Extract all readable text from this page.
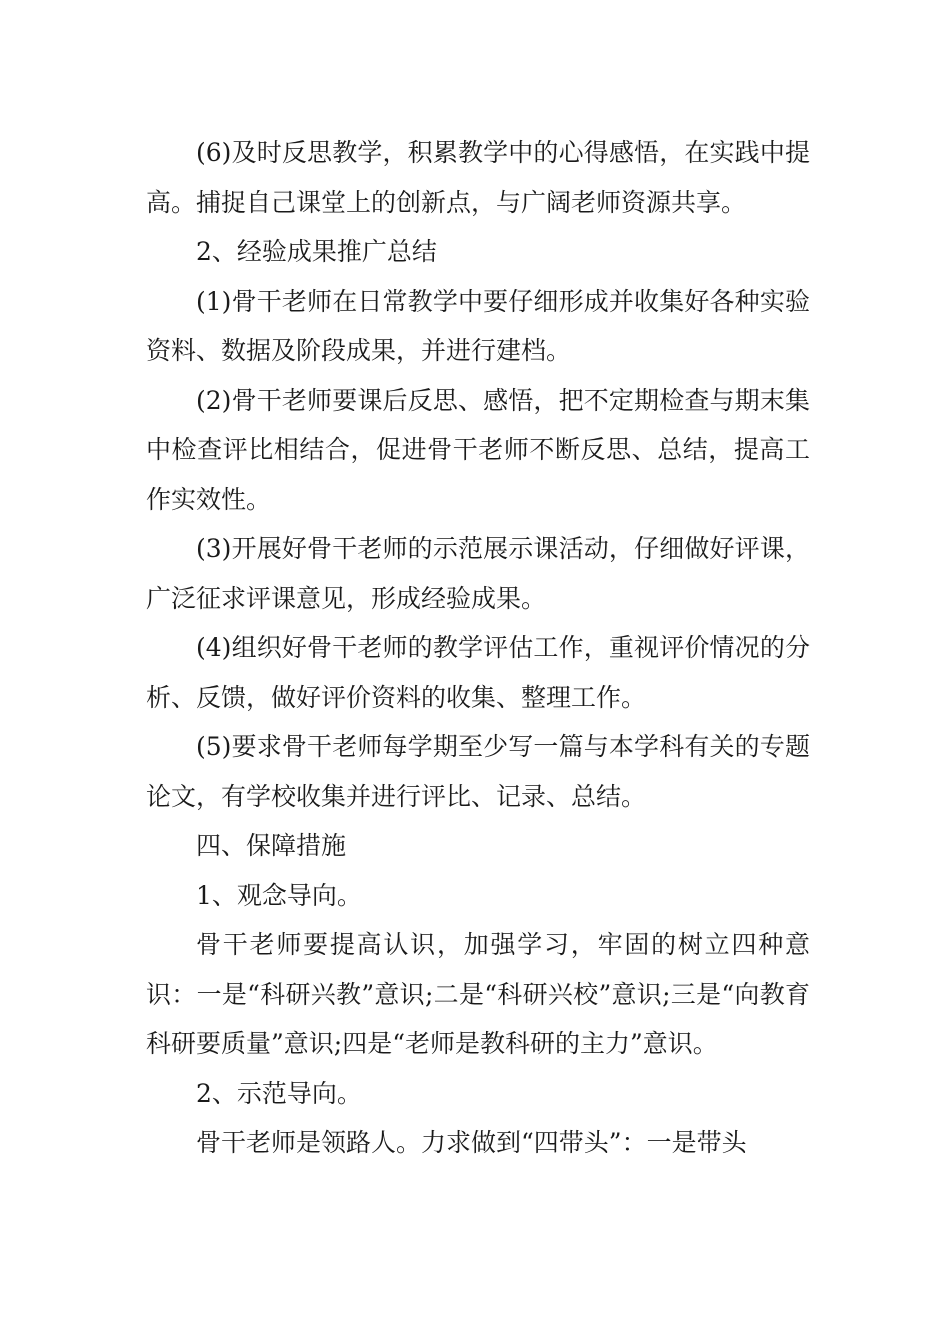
(6)及时反思教学，积累教学中的心得感悟，在实践中提高。捕捉自己课堂上的创新点，与广阔老师资源共享。

2、经验成果推广总结

(1)骨干老师在日常教学中要仔细形成并收集好各种实验资料、数据及阶段成果，并进行建档。

(2)骨干老师要课后反思、感悟，把不定期检查与期末集中检查评比相结合，促进骨干老师不断反思、总结，提高工作实效性。

(3)开展好骨干老师的示范展示课活动，仔细做好评课，广泛征求评课意见，形成经验成果。

(4)组织好骨干老师的教学评估工作，重视评价情况的分析、反馈，做好评价资料的收集、整理工作。

(5)要求骨干老师每学期至少写一篇与本学科有关的专题论文，有学校收集并进行评比、记录、总结。

四、保障措施

1、观念导向。

骨干老师要提高认识，加强学习，牢固的树立四种意识：一是“科研兴教”意识;二是“科研兴校”意识;三是“向教育科研要质量”意识;四是“老师是教科研的主力”意识。

2、示范导向。

骨干老师是领路人。力求做到“四带头”：一是带头
